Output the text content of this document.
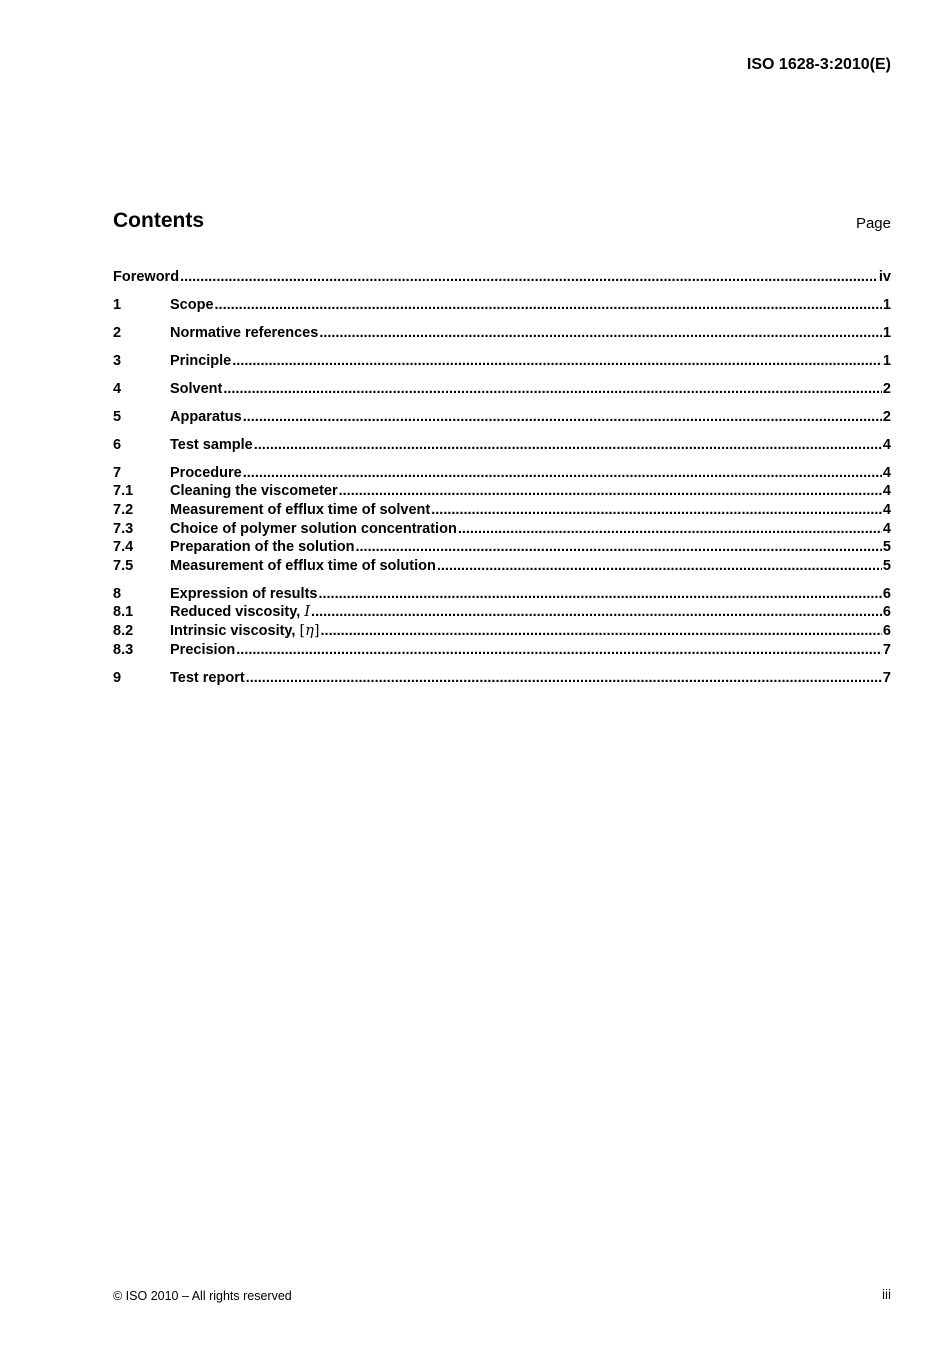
ISO 1628-3:2010(E)
Contents	Page
Foreword .....	iv
1	Scope .....	1
2	Normative references .....	1
3	Principle .....	1
4	Solvent .....	2
5	Apparatus .....	2
6	Test sample .....	4
7	Procedure .....	4
7.1	Cleaning the viscometer .....	4
7.2	Measurement of efflux time of solvent .....	4
7.3	Choice of polymer solution concentration .....	4
7.4	Preparation of the solution .....	5
7.5	Measurement of efflux time of solution .....	5
8	Expression of results .....	6
8.1	Reduced viscosity, I .....	6
8.2	Intrinsic viscosity, [η] .....	6
8.3	Precision .....	7
9	Test report .....	7
© ISO 2010 – All rights reserved	iii
